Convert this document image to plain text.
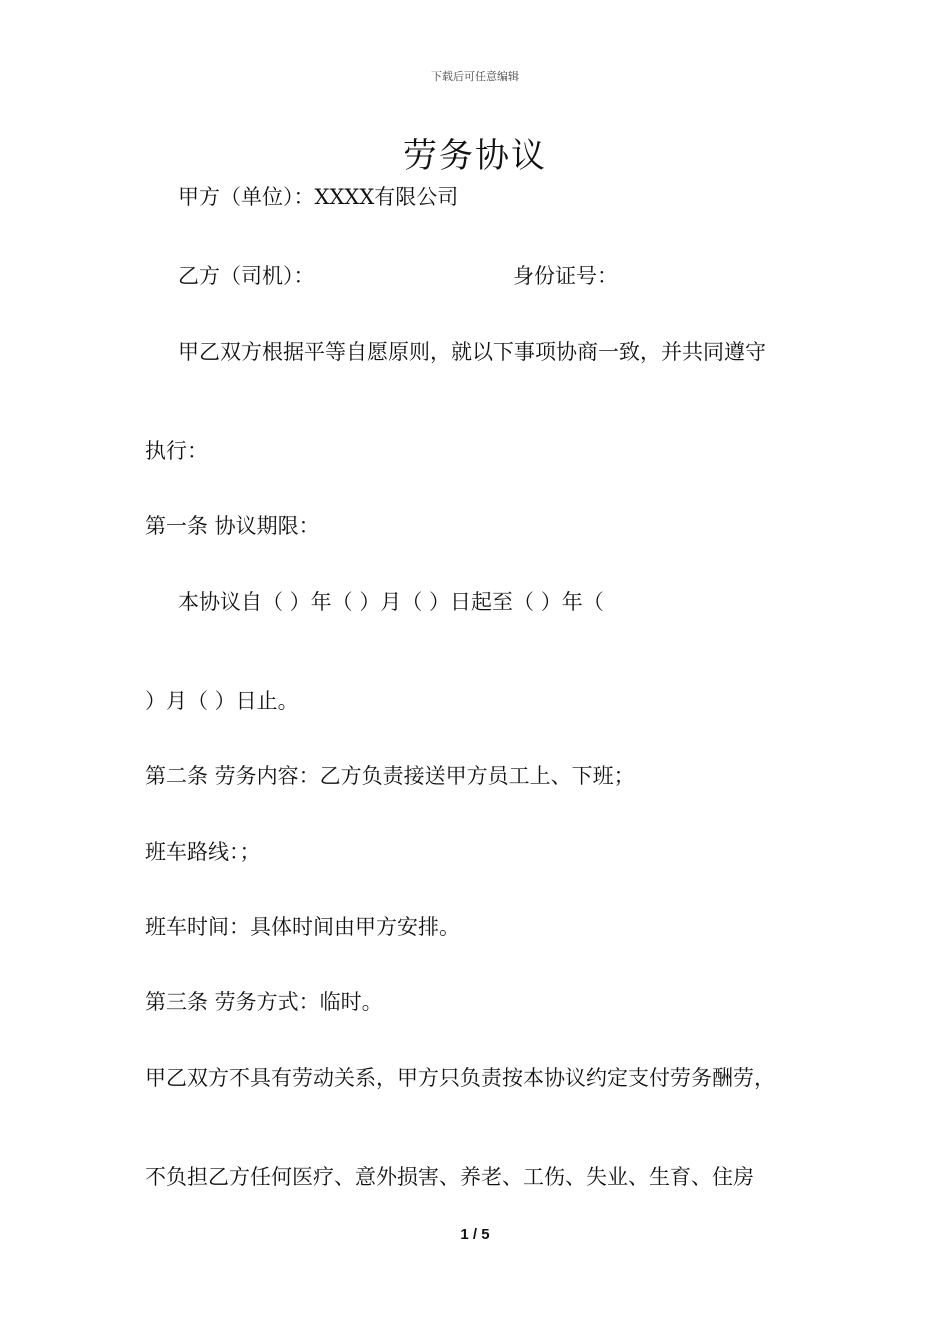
下载后可任意编辑
劳务协议
甲方（单位）：XXXX有限公司
乙方（司机）：	身份证号：
甲乙双方根据平等自愿原则，就以下事项协商一致，并共同遵守
执行：
第一条 协议期限：
本协议自（ ）年（ ）月（ ）日起至（ ）年（
）月（ ）日止。
第二条 劳务内容：乙方负责接送甲方员工上、下班；
班车路线：；
班车时间：具体时间由甲方安排。
第三条 劳务方式：临时。
甲乙双方不具有劳动关系，甲方只负责按本协议约定支付劳务酬劳，
不负担乙方任何医疗、意外损害、养老、工伤、失业、生育、住房
1 / 5
